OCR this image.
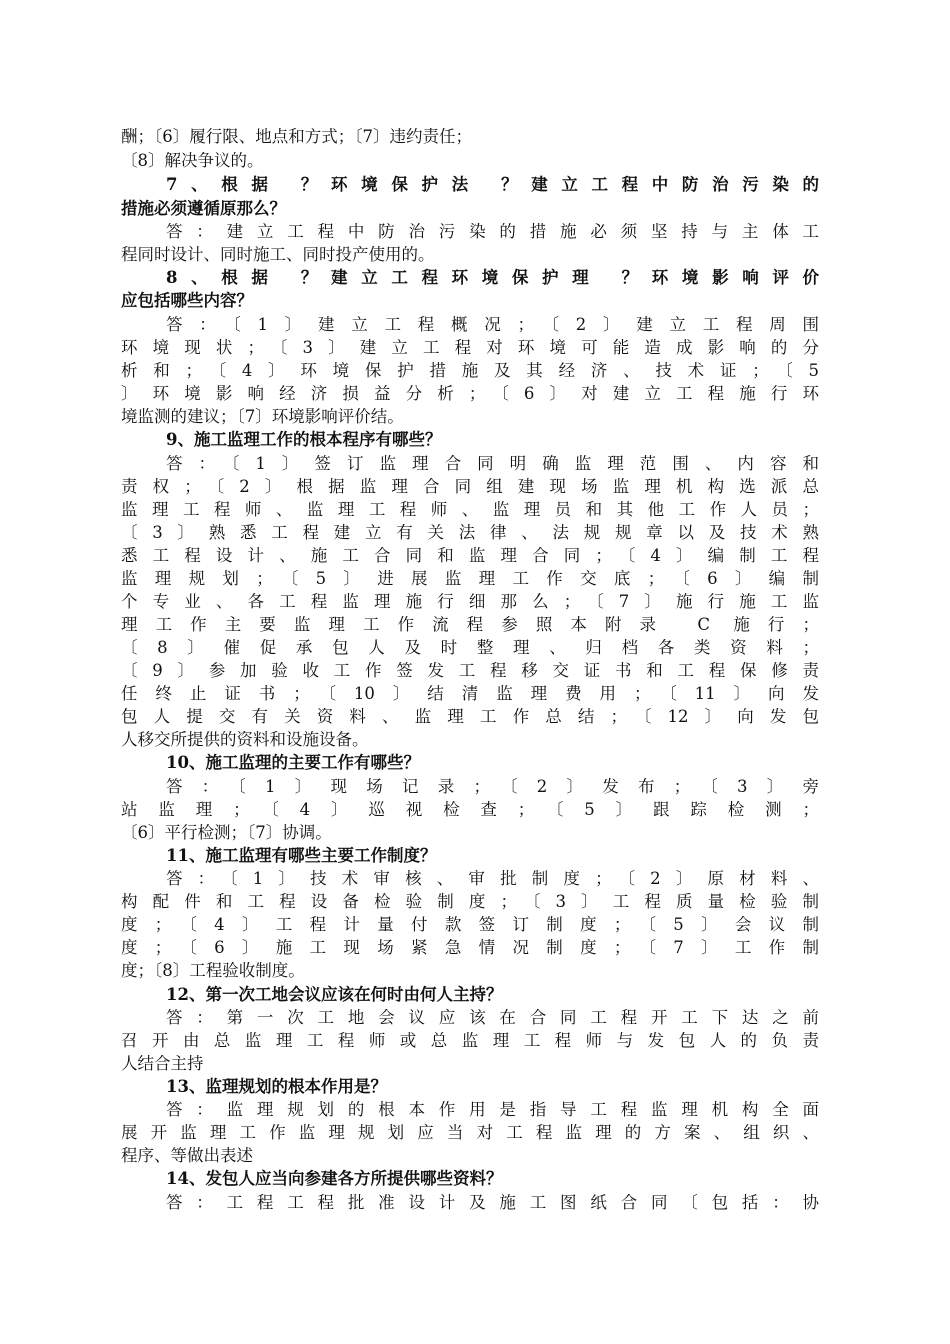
酬；〔6〕履行限、地点和方式；〔7〕违约责任；
〔8〕解决争议的。
7、根据 ？环境保护法 ？建立工程中防治污染的
措施必须遵循原那么？
答：建立工程中防治污染的措施必须坚持与主体工
程同时设计、同时施工、同时投产使用的。
8、根据 ？建立工程环境保护理 ？环境影响评价
应包括哪些内容？
答：〔1〕建立工程概况；〔2〕建立工程周围
环境现状；〔3〕建立工程对环境可能造成影响的分
析和；〔4〕环境保护措施及其经济、技术证；〔5
〕环境影响经济损益分析；〔6〕对建立工程施行环
境监测的建议；〔7〕环境影响评价结。
9、施工监理工作的根本程序有哪些？
答：〔1〕签订监理合同明确监理范围、内容和
责权；〔2〕根据监理合同组建现场监理机构选派总
监理工程师、监理工程师、监理员和其他工作人员；
〔3〕熟悉工程建立有关法律、法规规章以及技术熟
悉工程设计、施工合同和监理合同；〔4〕编制工程
监理规划；〔5〕进展监理工作交底；〔6〕编制
个专业、各工程监理施行细那么；〔7〕施行施工监
理工作主要监理工作流程参照本附录 C 施行；
〔8〕催促承包人及时整理、归档各类资料；
〔9〕参加验收工作签发工程移交证书和工程保修责
任终止证书；〔10〕结清监理费用；〔11〕向发
包人提交有关资料、监理工作总结；〔12〕向发包
人移交所提供的资料和设施设备。
10、施工监理的主要工作有哪些？
答：〔1〕现场记录；〔2〕发布；〔3〕旁
站监理；〔4〕巡视检查；〔5〕跟踪检测；
〔6〕平行检测；〔7〕协调。
11、施工监理有哪些主要工作制度？
答：〔1〕技术审核、审批制度；〔2〕原材料、
构配件和工程设备检验制度；〔3〕工程质量检验制
度；〔4〕工程计量付款签订制度；〔5〕会议制
度；〔6〕施工现场紧急情况制度；〔7〕工作制
度；〔8〕工程验收制度。
12、第一次工地会议应该在何时由何人主持？
答：第一次工地会议应该在合同工程开工下达之前
召开由总监理工程师或总监理工程师与发包人的负责
人结合主持
13、监理规划的根本作用是？
答：监理规划的根本作用是指导工程监理机构全面
展开监理工作监理规划应当对工程监理的方案、组织、
程序、等做出表述
14、发包人应当向参建各方所提供哪些资料？
答：工程工程批准设计及施工图纸合同〔包括：协
